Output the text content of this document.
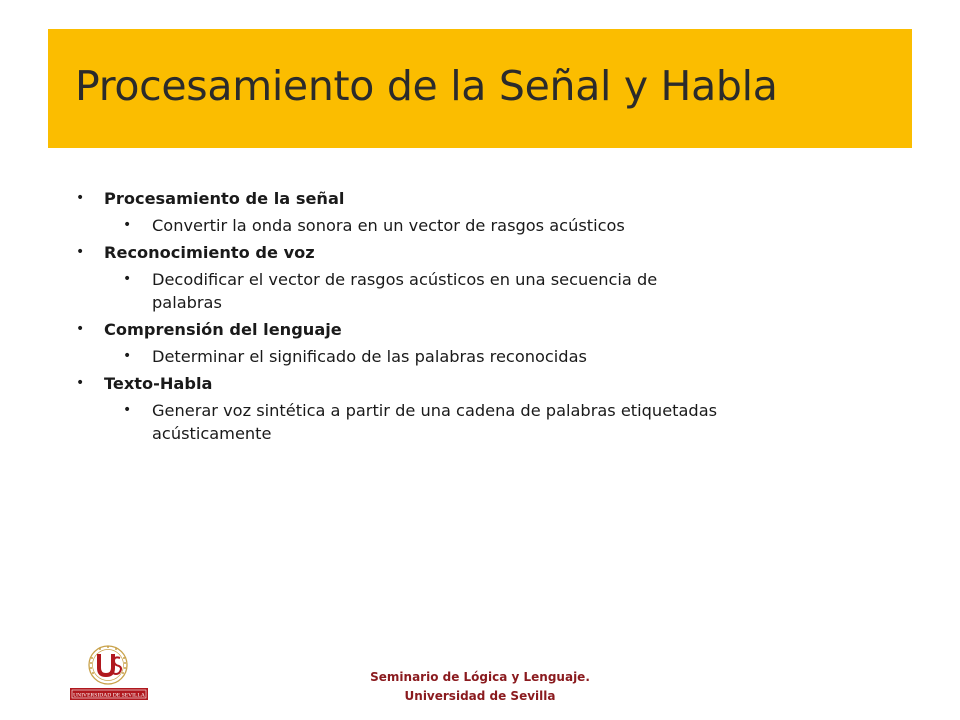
Procesamiento de la Señal y Habla
• Procesamiento de la señal
• Convertir la onda sonora en un vector de rasgos acústicos
• Reconocimiento de voz
• Decodificar el vector de rasgos acústicos en una secuencia de palabras
• Comprensión del lenguaje
• Determinar el significado de las palabras reconocidas
• Texto-Habla
• Generar voz sintética a partir de una cadena de palabras etiquetadas acústicamente
UNIVERSIDAD DE SEVILLA
Seminario de Lógica y Lenguaje.
Universidad de Sevilla
